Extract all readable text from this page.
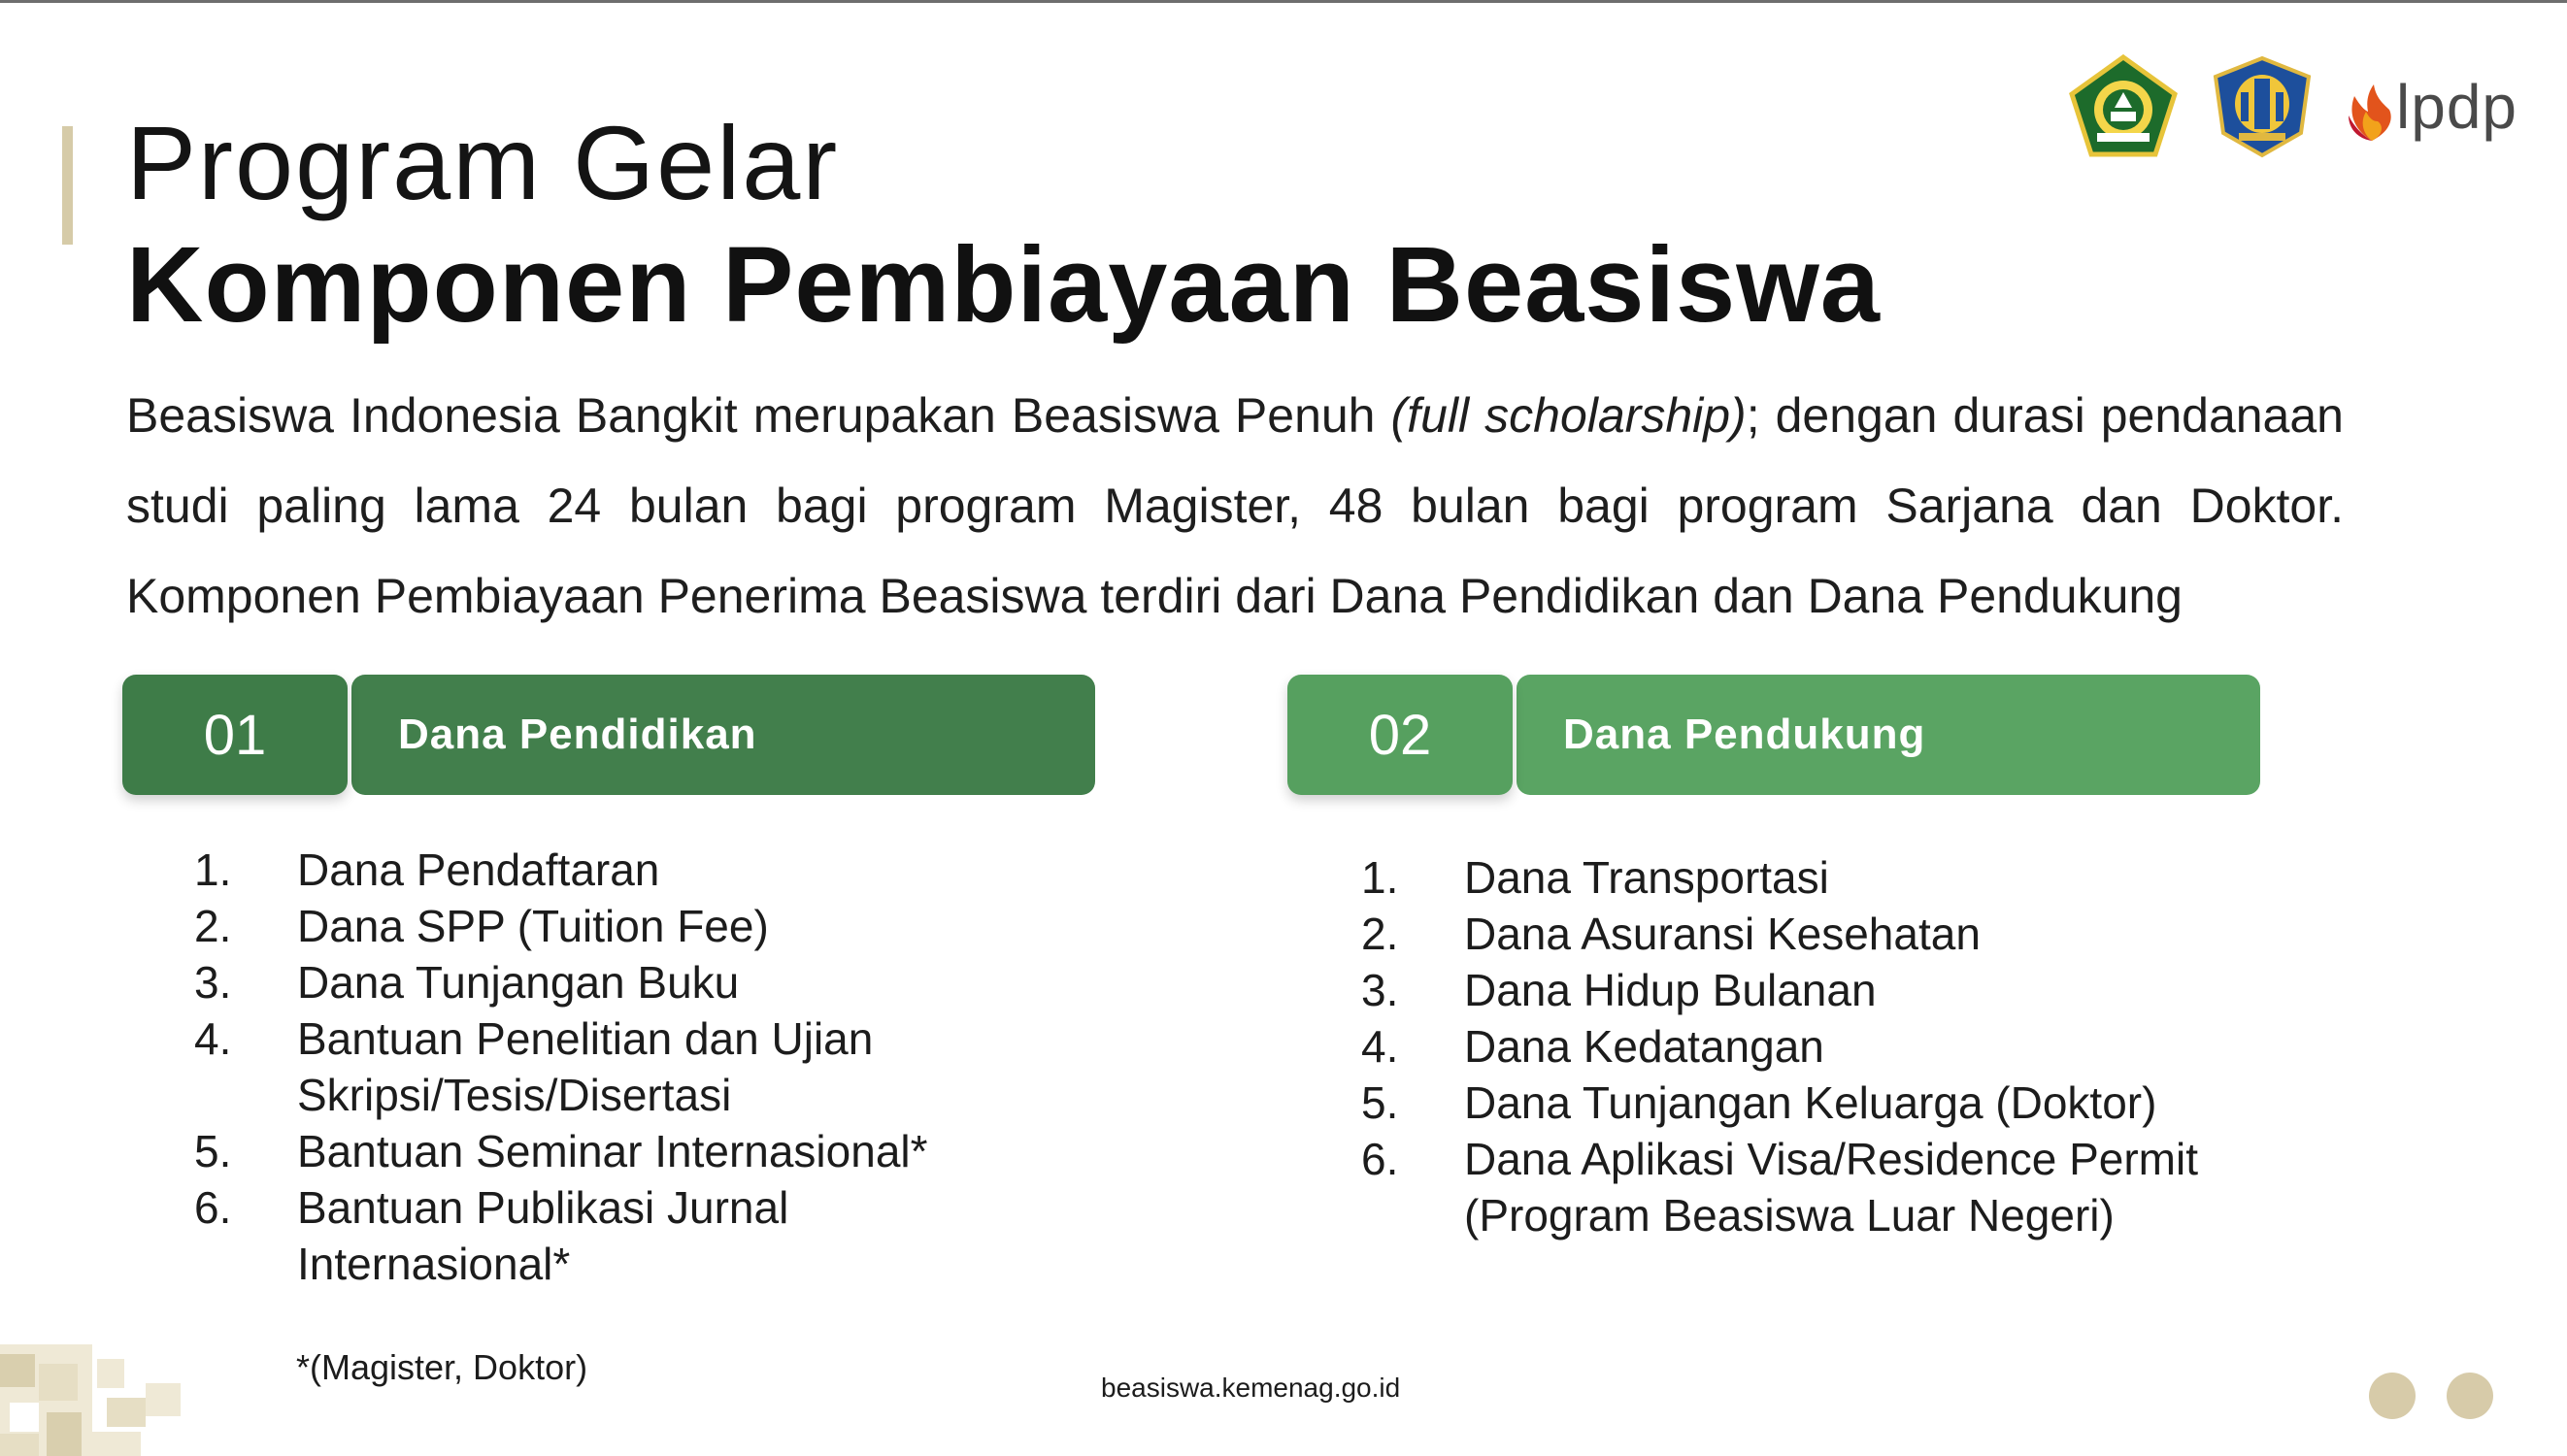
Program Gelar
Komponen Pembiayaan Beasiswa
lpdp
Beasiswa Indonesia Bangkit merupakan Beasiswa Penuh (full scholarship); dengan durasi pendanaan
studi paling lama 24 bulan bagi program Magister, 48 bulan bagi program Sarjana dan Doktor.
Komponen Pembiayaan Penerima Beasiswa terdiri dari Dana Pendidikan dan Dana Pendukung
01	Dana Pendidikan	02	Dana Pendukung
1. Dana Pendaftaran
2. Dana SPP (Tuition Fee)
3. Dana Tunjangan Buku
4. Bantuan Penelitian dan Ujian
Skripsi/Tesis/Disertasi
5. Bantuan Seminar Internasional*
6. Bantuan Publikasi Jurnal
Internasional*
1. Dana Transportasi
2. Dana Asuransi Kesehatan
3. Dana Hidup Bulanan
4. Dana Kedatangan
5. Dana Tunjangan Keluarga (Doktor)
6. Dana Aplikasi Visa/Residence Permit
(Program Beasiswa Luar Negeri)
*(Magister, Doktor)
beasiswa.kemenag.go.id
